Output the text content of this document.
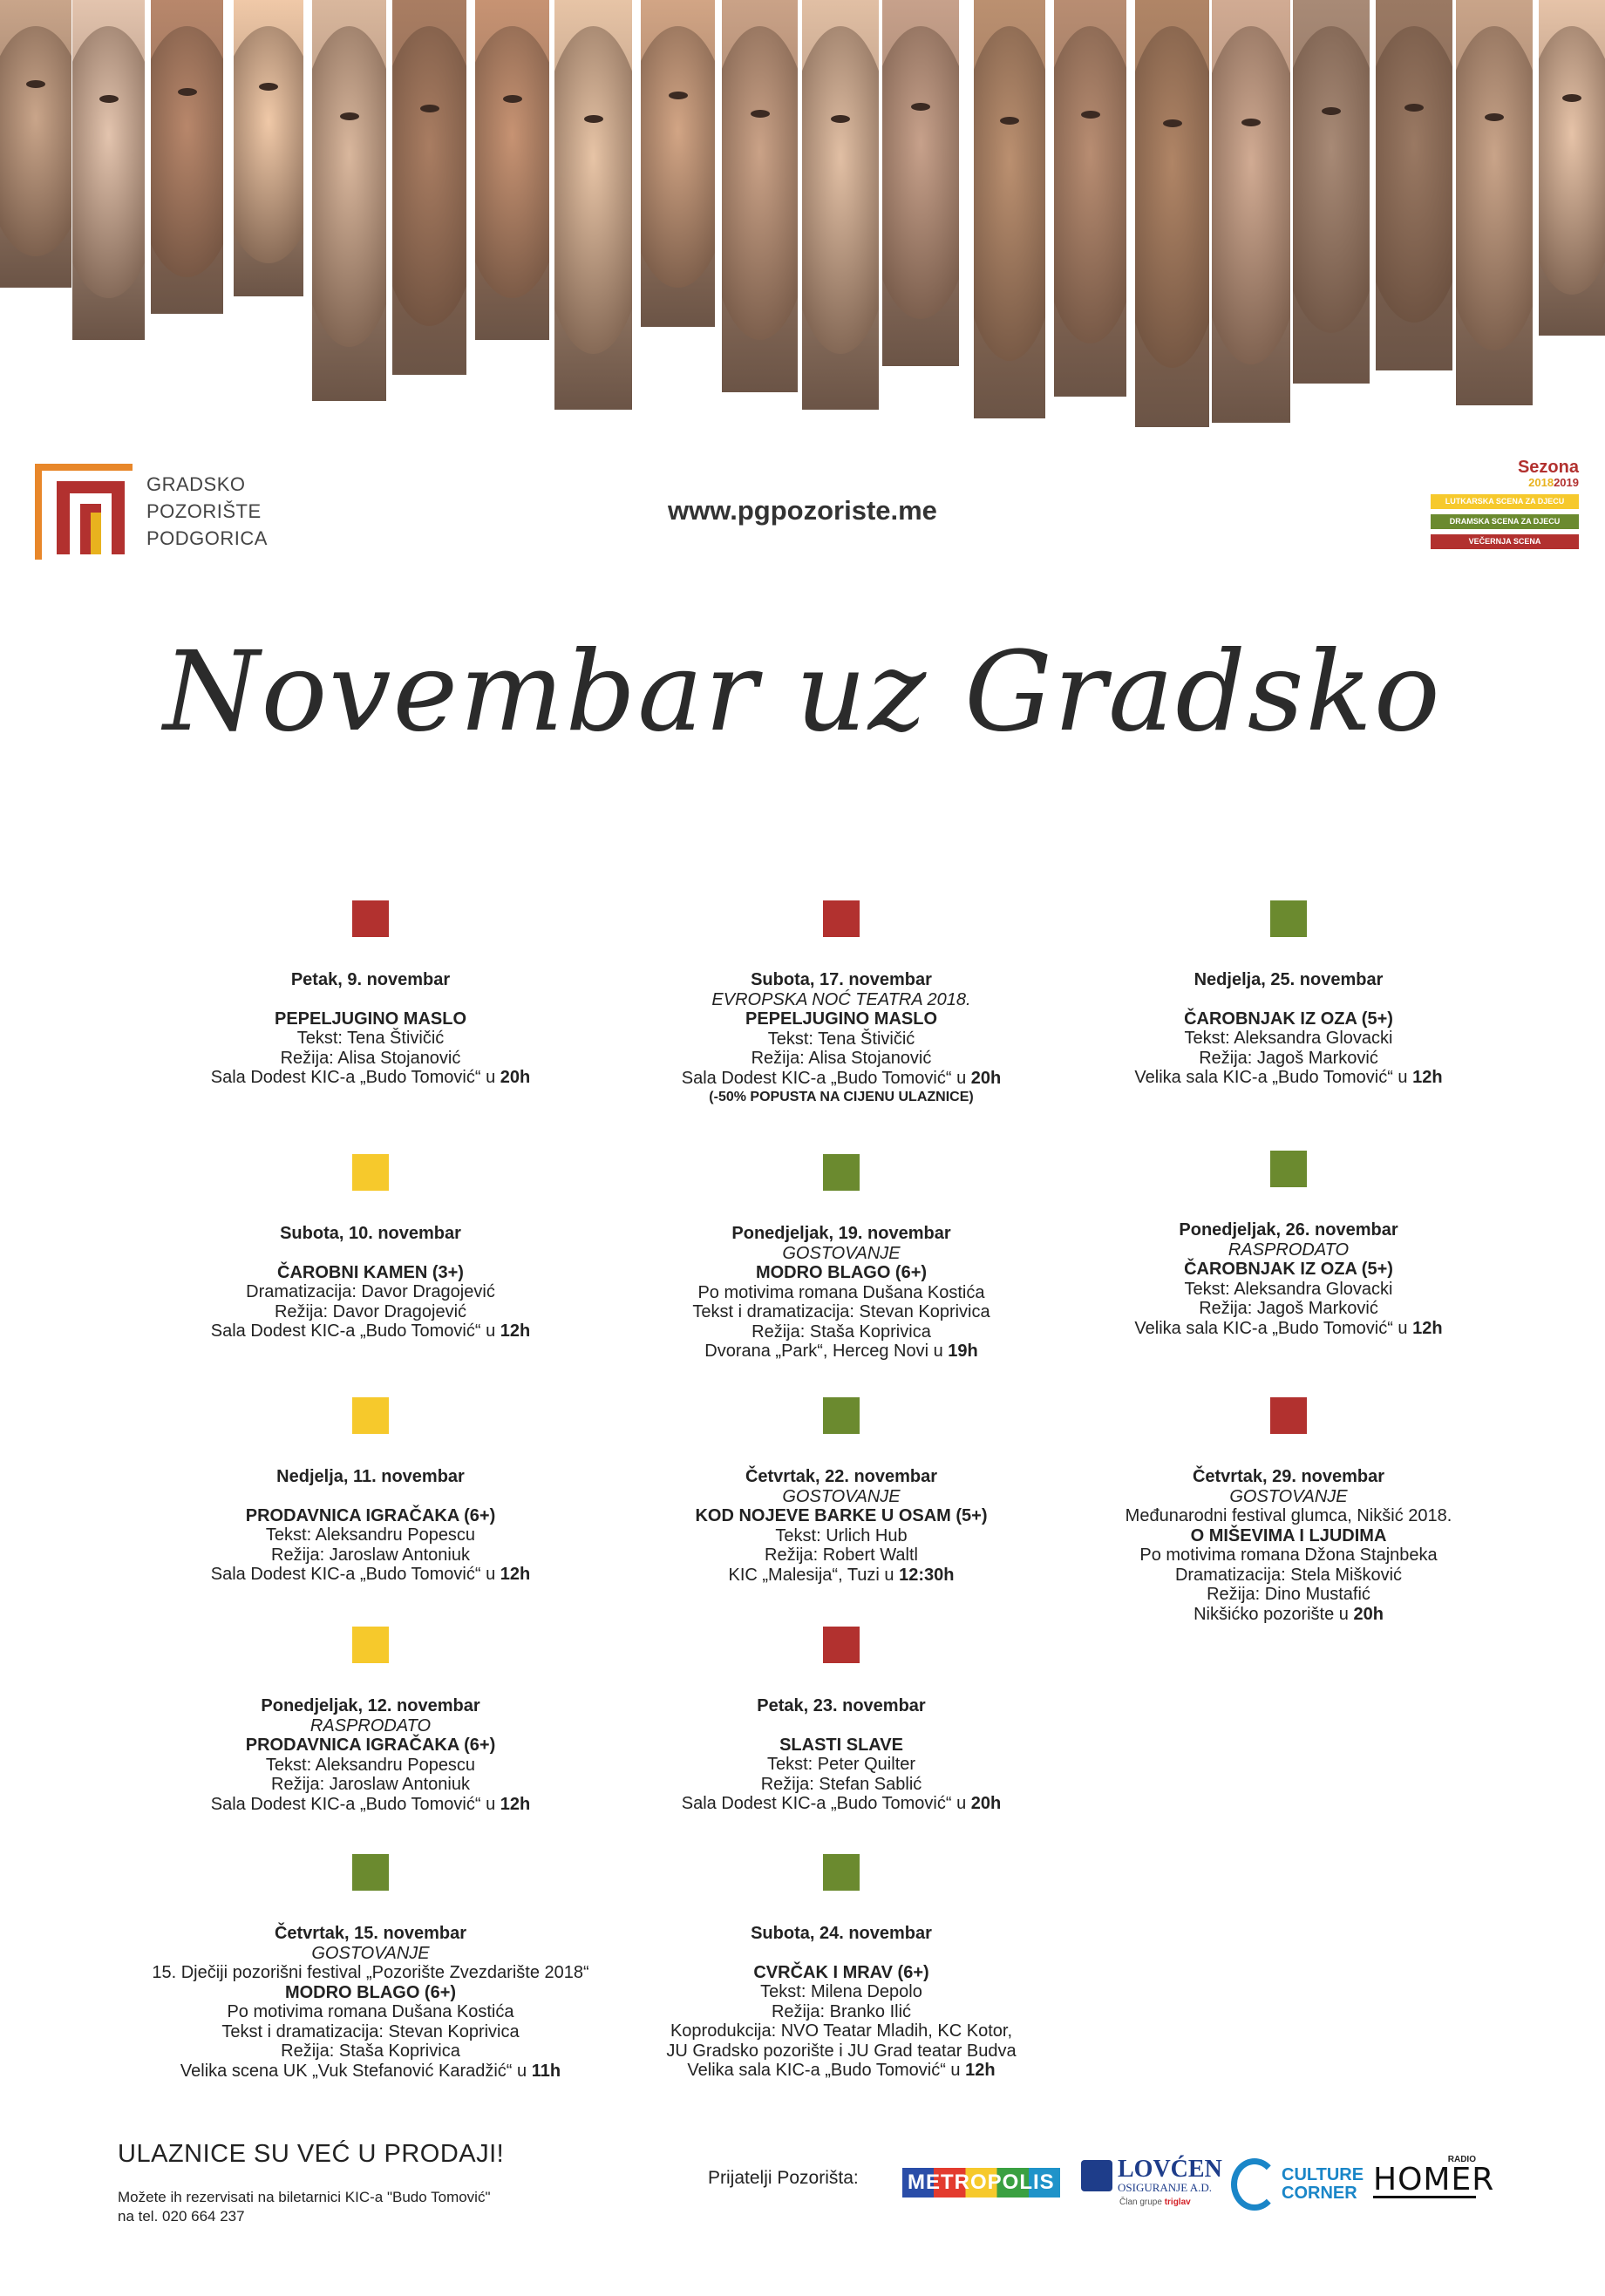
GRADSKO
POZORIŠTE
PODGORICA
www.pgpozoriste.me
Sezona
20182019
LUTKARSKA SCENA ZA DJECU
DRAMSKA SCENA ZA DJECU
VEČERNJA SCENA
Novembar uz Gradsko
Petak, 9. novembar
PEPELJUGINO MASLO
Tekst: Tena Štivičić
Režija: Alisa Stojanović
Sala Dodest KIC-a „Budo Tomović“ u 20h
Subota, 10. novembar
ČAROBNI KAMEN (3+)
Dramatizacija: Davor Dragojević
Režija: Davor Dragojević
Sala Dodest KIC-a „Budo Tomović“ u 12h
Nedjelja, 11. novembar
PRODAVNICA IGRAČAKA (6+)
Tekst: Aleksandru Popescu
Režija: Jaroslaw Antoniuk
Sala Dodest KIC-a „Budo Tomović“ u 12h
Ponedjeljak, 12. novembar
RASPRODATO
PRODAVNICA IGRAČAKA (6+)
Tekst: Aleksandru Popescu
Režija: Jaroslaw Antoniuk
Sala Dodest KIC-a „Budo Tomović“ u 12h
Četvrtak, 15. novembar
GOSTOVANJE
15. Dječiji pozorišni festival „Pozorište Zvezdarište 2018“
MODRO BLAGO (6+)
Po motivima romana Dušana Kostića
Tekst i dramatizacija: Stevan Koprivica
Režija: Staša Koprivica
Velika scena UK „Vuk Stefanović Karadžić“ u 11h
Subota, 17. novembar
EVROPSKA NOĆ TEATRA 2018.
PEPELJUGINO MASLO
Tekst: Tena Štivičić
Režija: Alisa Stojanović
Sala Dodest KIC-a „Budo Tomović“ u 20h
(-50% POPUSTA NA CIJENU ULAZNICE)
Ponedjeljak, 19. novembar
GOSTOVANJE
MODRO BLAGO (6+)
Po motivima romana Dušana Kostića
Tekst i dramatizacija: Stevan Koprivica
Režija: Staša Koprivica
Dvorana „Park“, Herceg Novi u 19h
Četvrtak, 22. novembar
GOSTOVANJE
KOD NOJEVE BARKE U OSAM (5+)
Tekst: Urlich Hub
Režija: Robert Waltl
KIC „Malesija“, Tuzi u 12:30h
Petak, 23. novembar
SLASTI SLAVE
Tekst: Peter Quilter
Režija: Stefan Sablić
Sala Dodest KIC-a „Budo Tomović“ u 20h
Subota, 24. novembar
CVRČAK I MRAV (6+)
Tekst: Milena Depolo
Režija: Branko Ilić
Koprodukcija: NVO Teatar Mladih, KC Kotor,
JU Gradsko pozorište i JU Grad teatar Budva
Velika sala KIC-a „Budo Tomović“ u 12h
Nedjelja, 25. novembar
ČAROBNJAK IZ OZA (5+)
Tekst: Aleksandra Glovacki
Režija: Jagoš Marković
Velika sala KIC-a „Budo Tomović“ u 12h
Ponedjeljak, 26. novembar
RASPRODATO
ČAROBNJAK IZ OZA (5+)
Tekst: Aleksandra Glovacki
Režija: Jagoš Marković
Velika sala KIC-a „Budo Tomović“ u 12h
Četvrtak, 29. novembar
GOSTOVANJE
Međunarodni festival glumca, Nikšić 2018.
O MIŠEVIMA I LJUDIMA
Po motivima romana Džona Stajnbeka
Dramatizacija: Stela Mišković
Režija: Dino Mustafić
Nikšićko pozorište u 20h
ULAZNICE SU VEĆ U PRODAJI!
Možete ih rezervisati na biletarnici KIC-a "Budo Tomović"
na tel. 020 664 237
Prijatelji Pozorišta: METROPOLIS	LOVĆEN
OSIGURANJE A.D.
Član grupe triglav
CULTURE
CORNER
RADIO
HOMER
